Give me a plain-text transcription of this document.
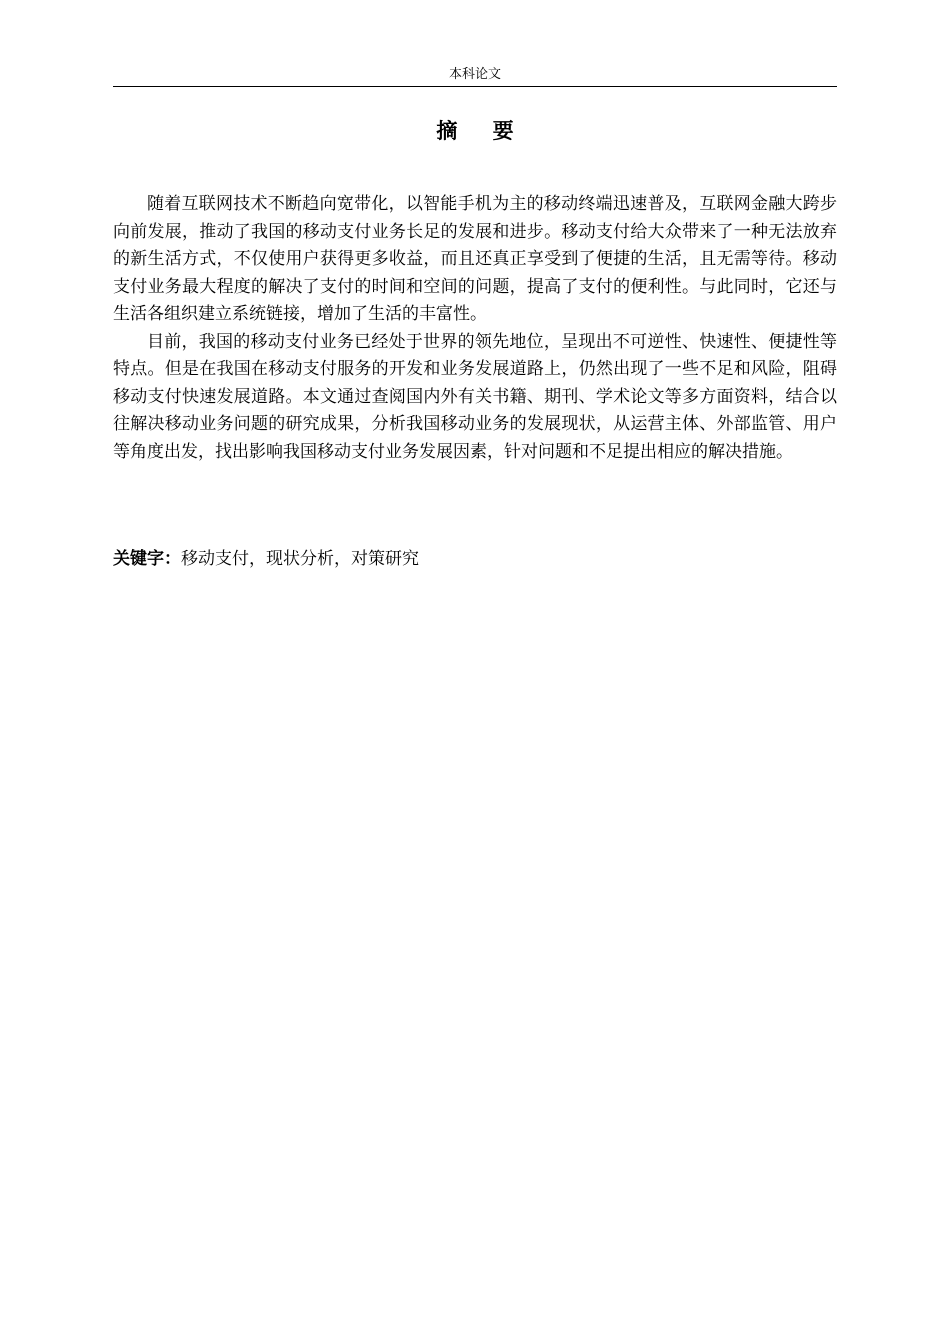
本科论文
摘 要

随着互联网技术不断趋向宽带化，以智能手机为主的移动终端迅速普及，互联网金融大跨步向前发展，推动了我国的移动支付业务长足的发展和进步。移动支付给大众带来了一种无法放弃的新生活方式，不仅使用户获得更多收益，而且还真正享受到了便捷的生活，且无需等待。移动支付业务最大程度的解决了支付的时间和空间的问题，提高了支付的便利性。与此同时，它还与生活各组织建立系统链接，增加了生活的丰富性。

目前，我国的移动支付业务已经处于世界的领先地位，呈现出不可逆性、快速性、便捷性等特点。但是在我国在移动支付服务的开发和业务发展道路上，仍然出现了一些不足和风险，阻碍移动支付快速发展道路。本文通过查阅国内外有关书籍、期刊、学术论文等多方面资料，结合以往解决移动业务问题的研究成果，分析我国移动业务的发展现状，从运营主体、外部监管、用户等角度出发，找出影响我国移动支付业务发展因素，针对问题和不足提出相应的解决措施。

关键字：移动支付，现状分析，对策研究
